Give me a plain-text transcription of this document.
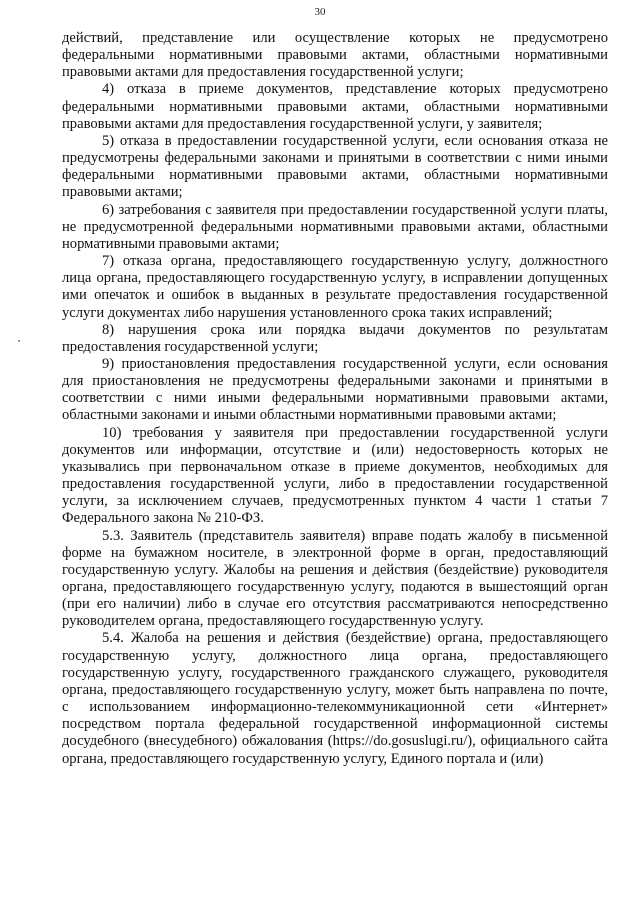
30

действий, представление или осуществление которых не предусмотрено федеральными нормативными правовыми актами, областными нормативными правовыми актами для предоставления государственной услуги;

4) отказа в приеме документов, представление которых предусмотрено федеральными нормативными правовыми актами, областными нормативными правовыми актами для предоставления государственной услуги, у заявителя;

5) отказа в предоставлении государственной услуги, если основания отказа не предусмотрены федеральными законами и принятыми в соответствии с ними иными федеральными нормативными правовыми актами, областными нормативными правовыми актами;

6) затребования с заявителя при предоставлении государственной услуги платы, не предусмотренной федеральными нормативными правовыми актами, областными нормативными правовыми актами;

7) отказа органа, предоставляющего государственную услугу, должностного лица органа, предоставляющего государственную услугу, в исправлении допущенных ими опечаток и ошибок в выданных в результате предоставления государственной услуги документах либо нарушения установленного срока таких исправлений;

8) нарушения срока или порядка выдачи документов по результатам предоставления государственной услуги;

9) приостановления предоставления государственной услуги, если основания для приостановления не предусмотрены федеральными законами и принятыми в соответствии с ними иными федеральными нормативными правовыми актами, областными законами и иными областными нормативными правовыми актами;

10) требования у заявителя при предоставлении государственной услуги документов или информации, отсутствие и (или) недостоверность которых не указывались при первоначальном отказе в приеме документов, необходимых для предоставления государственной услуги, либо в предоставлении государственной услуги, за исключением случаев, предусмотренных пунктом 4 части 1 статьи 7 Федерального закона № 210-ФЗ.

5.3. Заявитель (представитель заявителя) вправе подать жалобу в письменной форме на бумажном носителе, в электронной форме в орган, предоставляющий государственную услугу. Жалобы на решения и действия (бездействие) руководителя органа, предоставляющего государственную услугу, подаются в вышестоящий орган (при его наличии) либо в случае его отсутствия рассматриваются непосредственно руководителем органа, предоставляющего государственную услугу.

5.4. Жалоба на решения и действия (бездействие) органа, предоставляющего государственную услугу, должностного лица органа, предоставляющего государственную услугу, государственного гражданского служащего, руководителя органа, предоставляющего государственную услугу, может быть направлена по почте, с использованием информационно-телекоммуникационной сети «Интернет» посредством портала федеральной государственной информационной системы досудебного (внесудебного) обжалования (https://do.gosuslugi.ru/), официального сайта органа, предоставляющего государственную услугу, Единого портала и (или)
